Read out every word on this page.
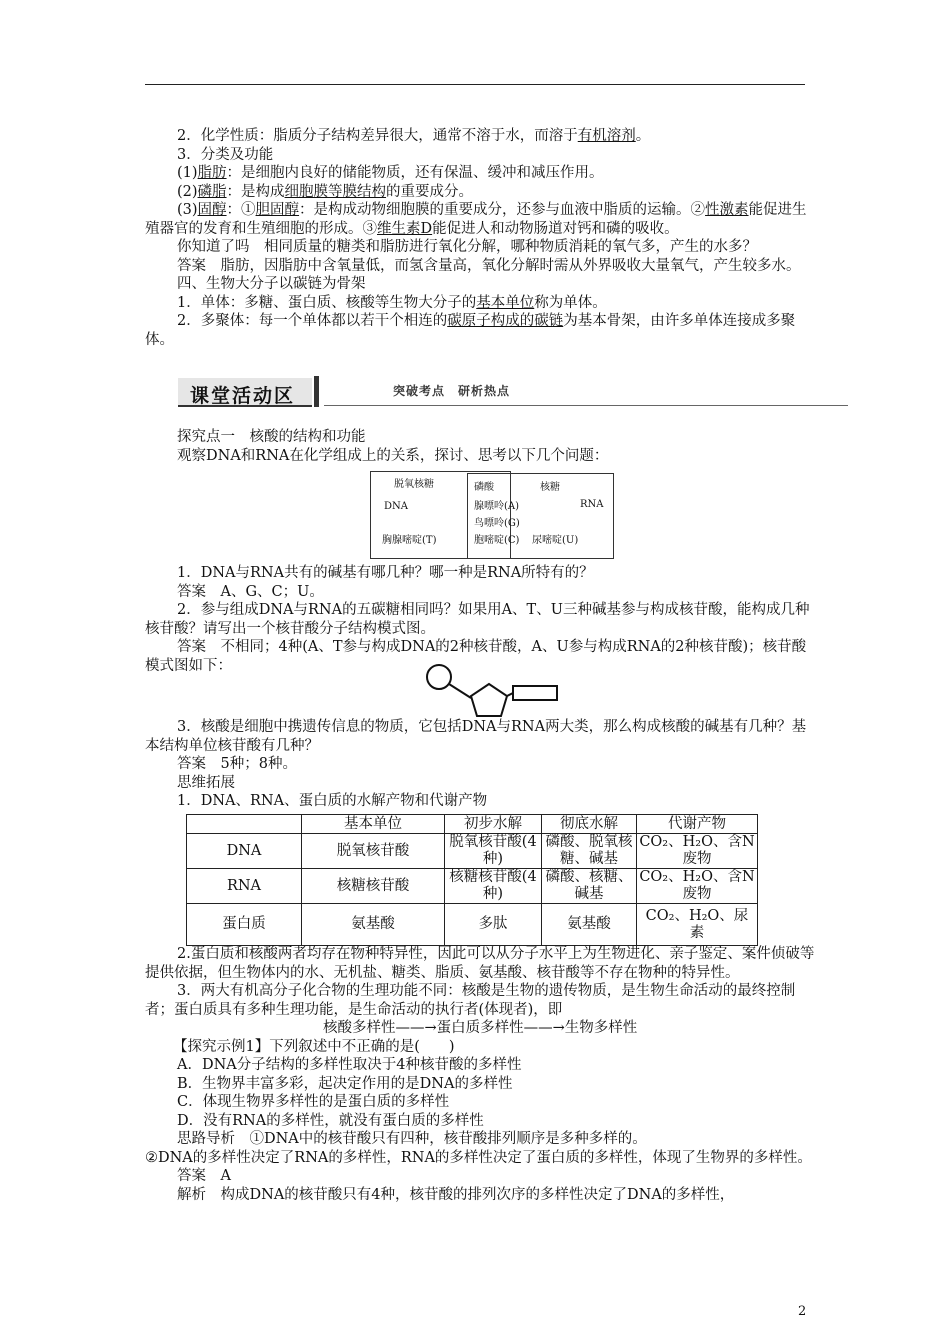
2．化学性质：脂质分子结构差异很大，通常不溶于水，而溶于有机溶剂。

3．分类及功能

(1)脂肪：是细胞内良好的储能物质，还有保温、缓冲和减压作用。

(2)磷脂：是构成细胞膜等膜结构的重要成分。

(3)固醇：①胆固醇：是构成动物细胞膜的重要成分，还参与血液中脂质的运输。②性激素能促进生殖器官的发育和生殖细胞的形成。③维生素D能促进人和动物肠道对钙和磷的吸收。

你知道了吗　相同质量的糖类和脂肪进行氧化分解，哪种物质消耗的氧气多，产生的水多？

答案　脂肪，因脂肪中含氧量低，而氢含量高，氧化分解时需从外界吸收大量氧气，产生较多水。

四、生物大分子以碳链为骨架

1．单体：多糖、蛋白质、核酸等生物大分子的基本单位称为单体。

2．多聚体：每一个单体都以若干个相连的碳原子构成的碳链为基本骨架，由许多单体连接成多聚体。

课堂活动区	突破考点　研析热点

探究点一　核酸的结构和功能

观察DNA和RNA在化学组成上的关系，探讨、思考以下几个问题：

脱氧核糖
DNA
胸腺嘧啶(T)
磷酸
腺嘌呤(A)
鸟嘌呤(G)
胞嘧啶(C)
核糖
RNA
尿嘧啶(U)

1．DNA与RNA共有的碱基有哪几种？哪一种是RNA所特有的？

答案　A、G、C；U。

2．参与组成DNA与RNA的五碳糖相同吗？如果用A、T、U三种碱基参与构成核苷酸，能构成几种核苷酸？请写出一个核苷酸分子结构模式图。

答案　不相同；4种(A、T参与构成DNA的2种核苷酸，A、U参与构成RNA的2种核苷酸)；核苷酸模式图如下：

3．核酸是细胞中携遗传信息的物质，它包括DNA与RNA两大类，那么构成核酸的碱基有几种？基本结构单位核苷酸有几种？

答案　5种；8种。

思维拓展

1．DNA、RNA、蛋白质的水解产物和代谢产物

	基本单位	初步水解	彻底水解	代谢产物
DNA	脱氧核苷酸	脱氧核苷酸(4种)	磷酸、脱氧核糖、碱基	CO₂、H₂O、含N废物
RNA	核糖核苷酸	核糖核苷酸(4种)	磷酸、核糖、碱基	CO₂、H₂O、含N废物
蛋白质	氨基酸	多肽	氨基酸	CO₂、H₂O、尿素

2.蛋白质和核酸两者均存在物种特异性，因此可以从分子水平上为生物进化、亲子鉴定、案件侦破等提供依据，但生物体内的水、无机盐、糖类、脂质、氨基酸、核苷酸等不存在物种的特异性。

3．两大有机高分子化合物的生理功能不同：核酸是生物的遗传物质，是生物生命活动的最终控制者；蛋白质具有多种生理功能，是生命活动的执行者(体现者)，即

核酸多样性——→蛋白质多样性——→生物多样性

【探究示例1】下列叙述中不正确的是(　　)

A．DNA分子结构的多样性取决于4种核苷酸的多样性

B．生物界丰富多彩，起决定作用的是DNA的多样性

C．体现生物界多样性的是蛋白质的多样性

D．没有RNA的多样性，就没有蛋白质的多样性

思路导析　①DNA中的核苷酸只有四种，核苷酸排列顺序是多种多样的。

②DNA的多样性决定了RNA的多样性，RNA的多样性决定了蛋白质的多样性，体现了生物界的多样性。

答案　A

解析　构成DNA的核苷酸只有4种，核苷酸的排列次序的多样性决定了DNA的多样性，

2
